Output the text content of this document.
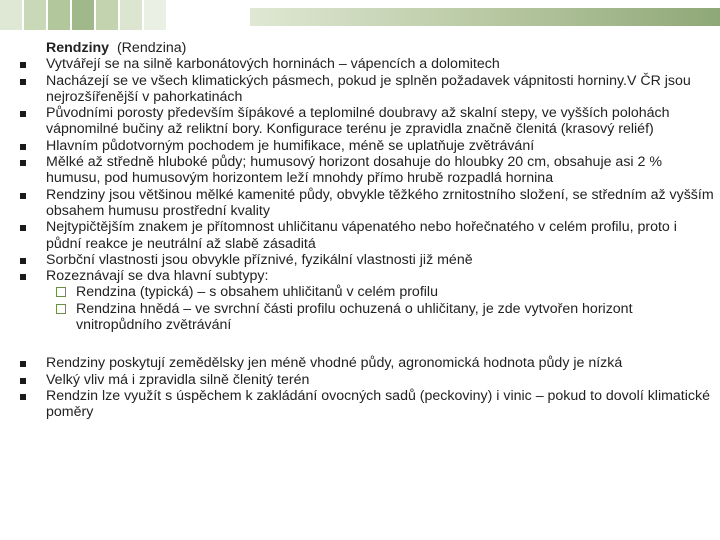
Rendziny (Rendzina)
Vytvářejí se na silně karbonátových horninách – vápencích a dolomitech
Nacházejí se ve všech klimatických pásmech, pokud je splněn požadavek vápnitosti horniny.V ČR jsou nejrozšířenější v pahorkatinách
Původními porosty především šípákové a teplomilné doubravy až skalní stepy, ve vyšších polohách vápnomilné bučiny až reliktní bory. Konfigurace terénu je zpravidla značně členitá (krasový reliéf)
Hlavním půdotvorným pochodem je humifikace, méně se uplatňuje zvětrávání
Mělké až středně hluboké půdy; humusový horizont dosahuje do hloubky 20 cm, obsahuje asi 2 % humusu, pod humusovým horizontem leží mnohdy přímo hrubě rozpadlá hornina
Rendziny jsou většinou mělké kamenité půdy, obvykle těžkého zrnitostního složení, se středním až vyšším obsahem humusu prostřední kvality
Nejtypičtějším znakem je přítomnost uhličitanu vápenatého nebo hořečnatého v celém profilu, proto i půdní reakce je neutrální až slabě zásaditá
Sorbční vlastnosti jsou obvykle příznivé, fyzikální vlastnosti již méně
Rozeznávají se dva hlavní subtypy:
Rendzina (typická) – s obsahem uhličitanů v celém profilu
Rendzina hnědá – ve svrchní části profilu ochuzená o uhličitany, je zde vytvořen horizont vnitropůdního zvětrávání
Rendziny poskytují zemědělsky jen méně vhodné půdy, agronomická hodnota půdy je nízká
Velký vliv má i zpravidla silně členitý terén
Rendzin lze využít s úspěchem k zakládání ovocných sadů (peckoviny) i vinic – pokud to dovolí klimatické poměry
